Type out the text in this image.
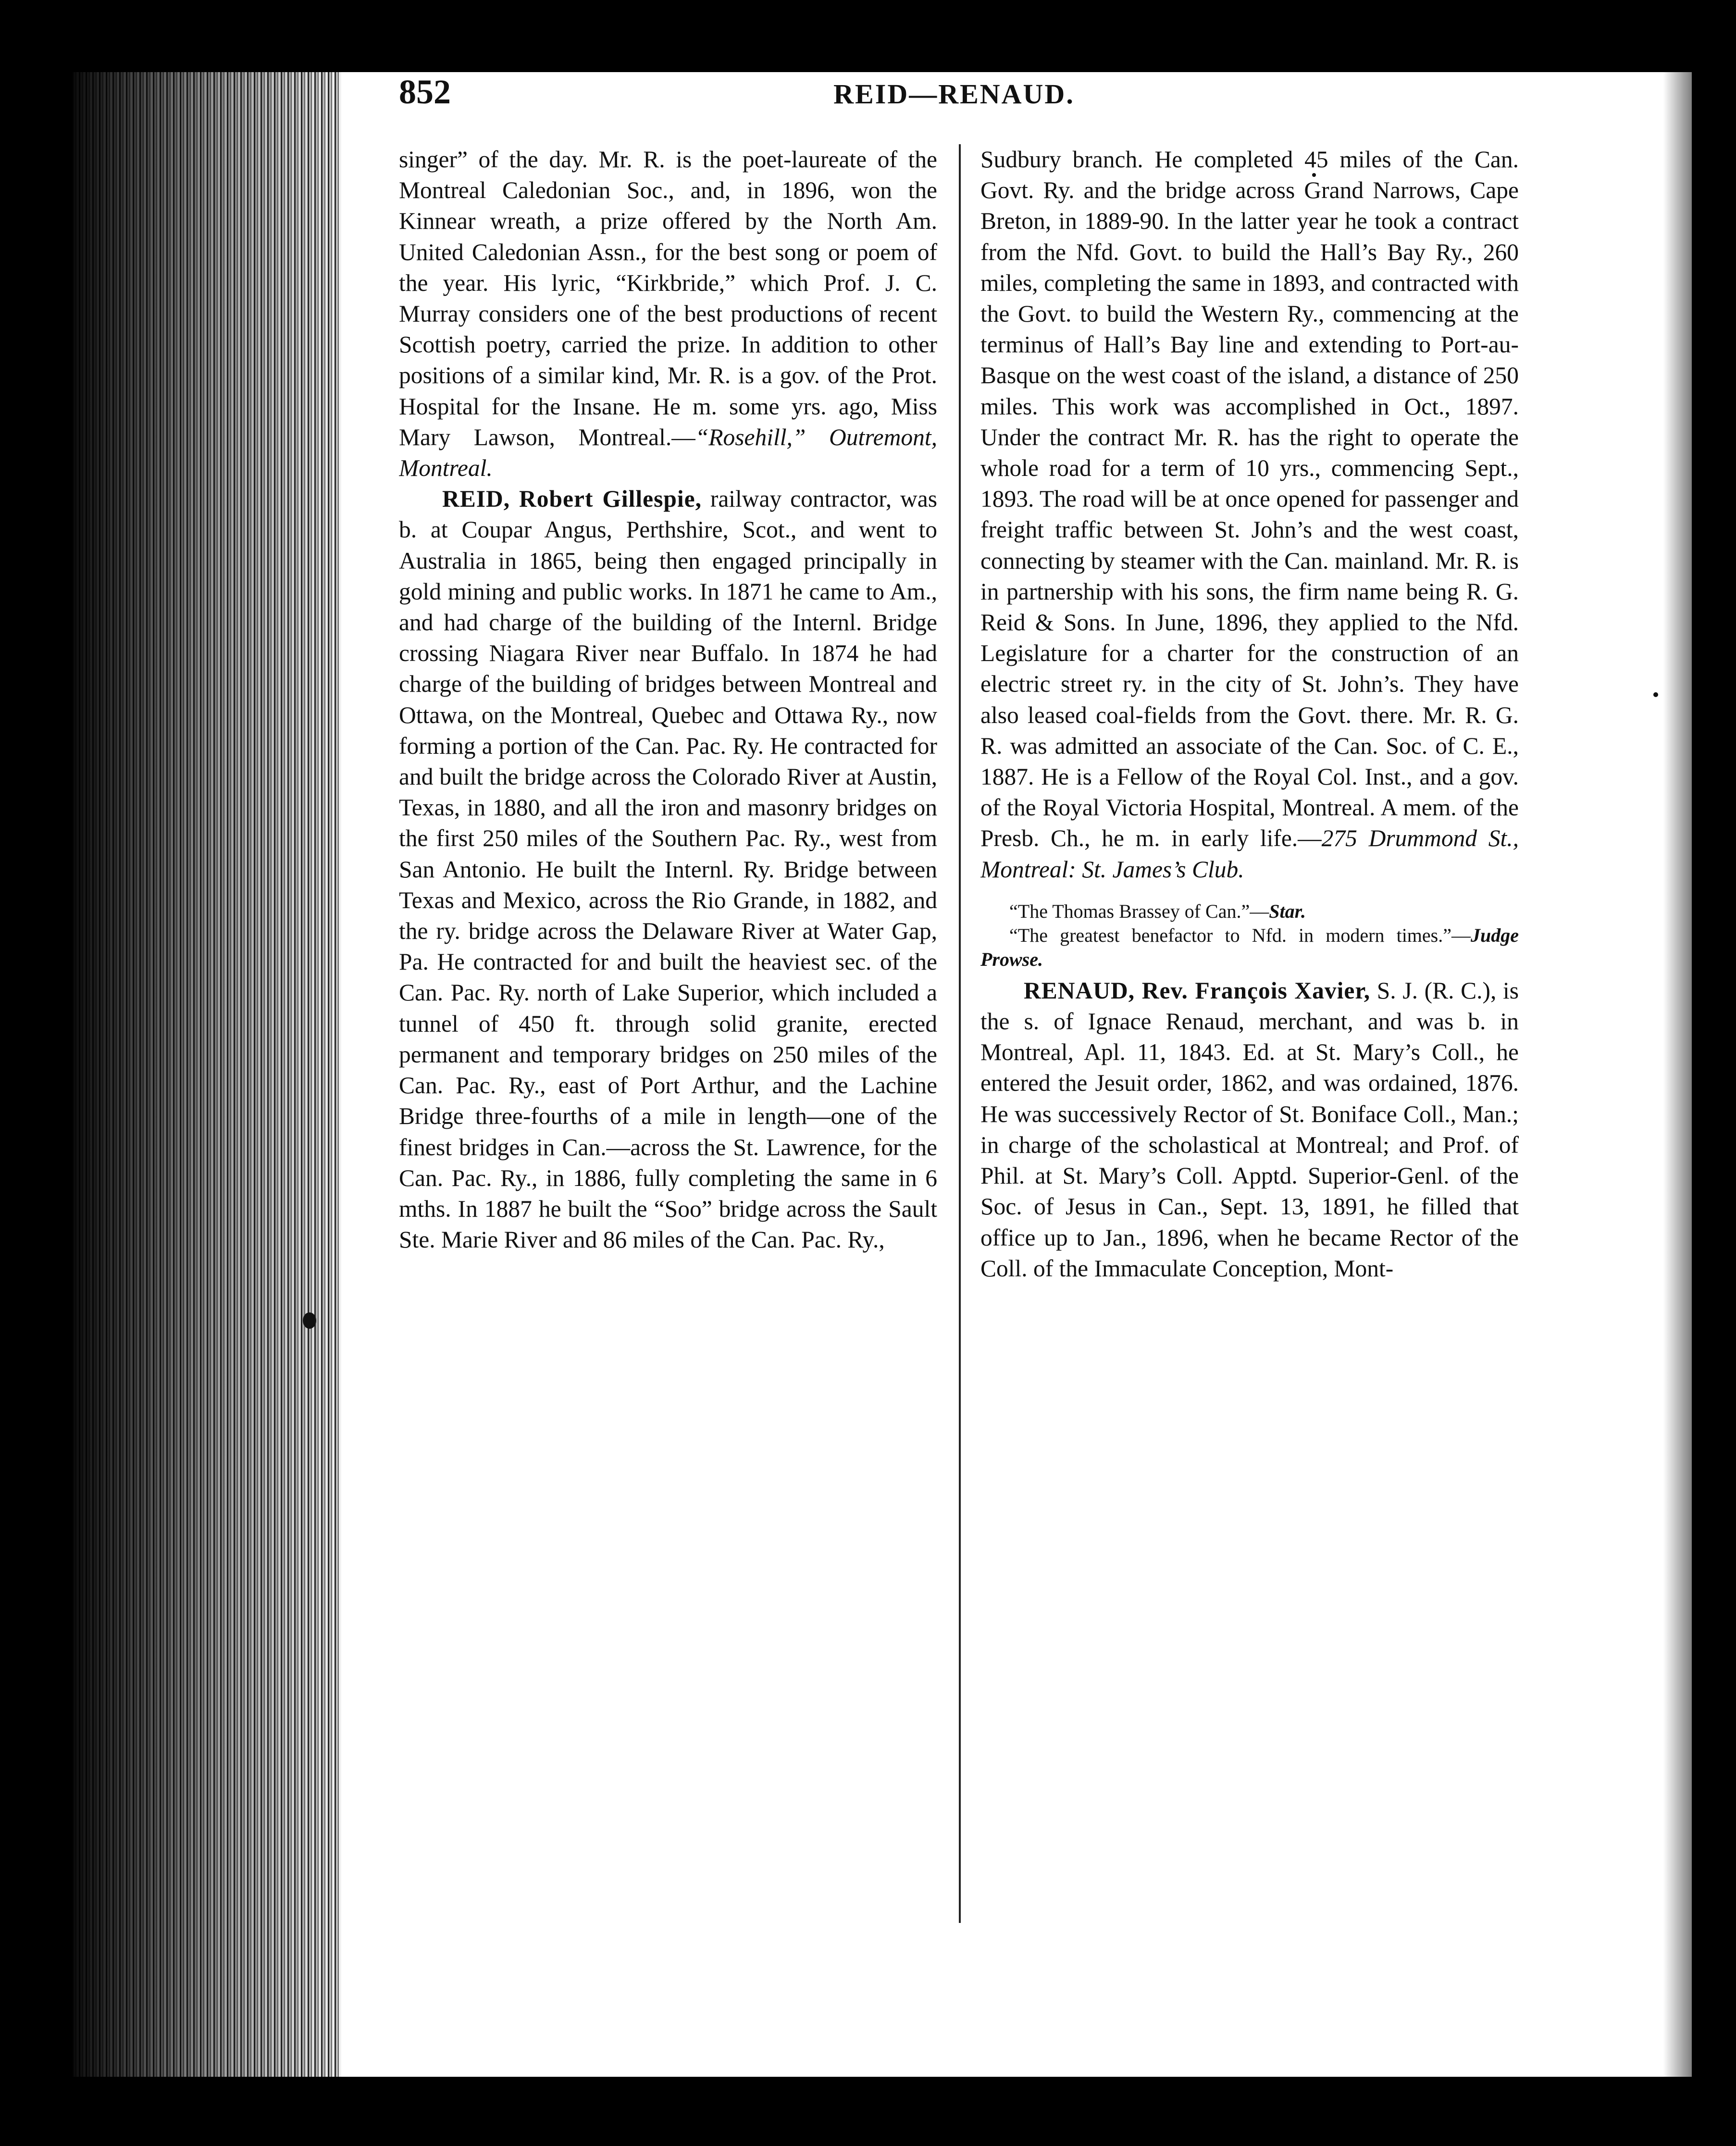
852	REID—RENAUD.

singer” of the day. Mr. R. is the poet-laureate of the Montreal Caledonian Soc., and, in 1896, won the Kinnear wreath, a prize offered by the North Am. United Caledonian Assn., for the best song or poem of the year. His lyric, “Kirkbride,” which Prof. J. C. Murray considers one of the best productions of recent Scottish poetry, carried the prize. In addition to other positions of a similar kind, Mr. R. is a gov. of the Prot. Hospital for the Insane. He m. some yrs. ago, Miss Mary Lawson, Montreal.—“Rosehill,” Outremont, Montreal.

REID, Robert Gillespie, railway contractor, was b. at Coupar Angus, Perthshire, Scot., and went to Australia in 1865, being then engaged principally in gold mining and public works. In 1871 he came to Am., and had charge of the building of the Internl. Bridge crossing Niagara River near Buffalo. In 1874 he had charge of the building of bridges between Montreal and Ottawa, on the Montreal, Quebec and Ottawa Ry., now forming a portion of the Can. Pac. Ry. He contracted for and built the bridge across the Colorado River at Austin, Texas, in 1880, and all the iron and masonry bridges on the first 250 miles of the Southern Pac. Ry., west from San Antonio. He built the Internl. Ry. Bridge between Texas and Mexico, across the Rio Grande, in 1882, and the ry. bridge across the Delaware River at Water Gap, Pa. He contracted for and built the heaviest sec. of the Can. Pac. Ry. north of Lake Superior, which included a tunnel of 450 ft. through solid granite, erected permanent and temporary bridges on 250 miles of the Can. Pac. Ry., east of Port Arthur, and the Lachine Bridge three-fourths of a mile in length—one of the finest bridges in Can.—across the St. Lawrence, for the Can. Pac. Ry., in 1886, fully completing the same in 6 mths. In 1887 he built the “Soo” bridge across the Sault Ste. Marie River and 86 miles of the Can. Pac. Ry.,

Sudbury branch. He completed 45 miles of the Can. Govt. Ry. and the bridge across Grand Narrows, Cape Breton, in 1889-90. In the latter year he took a contract from the Nfd. Govt. to build the Hall’s Bay Ry., 260 miles, completing the same in 1893, and contracted with the Govt. to build the Western Ry., commencing at the terminus of Hall’s Bay line and extending to Port-au-Basque on the west coast of the island, a distance of 250 miles. This work was accomplished in Oct., 1897. Under the contract Mr. R. has the right to operate the whole road for a term of 10 yrs., commencing Sept., 1893. The road will be at once opened for passenger and freight traffic between St. John’s and the west coast, connecting by steamer with the Can. mainland. Mr. R. is in partnership with his sons, the firm name being R. G. Reid & Sons. In June, 1896, they applied to the Nfd. Legislature for a charter for the construction of an electric street ry. in the city of St. John’s. They have also leased coal-fields from the Govt. there. Mr. R. G. R. was admitted an associate of the Can. Soc. of C. E., 1887. He is a Fellow of the Royal Col. Inst., and a gov. of the Royal Victoria Hospital, Montreal. A mem. of the Presb. Ch., he m. in early life.—275 Drummond St., Montreal: St. James’s Club.

“The Thomas Brassey of Can.”—Star.

“The greatest benefactor to Nfd. in modern times.”—Judge Prowse.

RENAUD, Rev. François Xavier, S. J. (R. C.), is the s. of Ignace Renaud, merchant, and was b. in Montreal, Apl. 11, 1843. Ed. at St. Mary’s Coll., he entered the Jesuit order, 1862, and was ordained, 1876. He was successively Rector of St. Boniface Coll., Man.; in charge of the scholastical at Montreal; and Prof. of Phil. at St. Mary’s Coll. Apptd. Superior-Genl. of the Soc. of Jesus in Can., Sept. 13, 1891, he filled that office up to Jan., 1896, when he became Rector of the Coll. of the Immaculate Conception, Mont-
